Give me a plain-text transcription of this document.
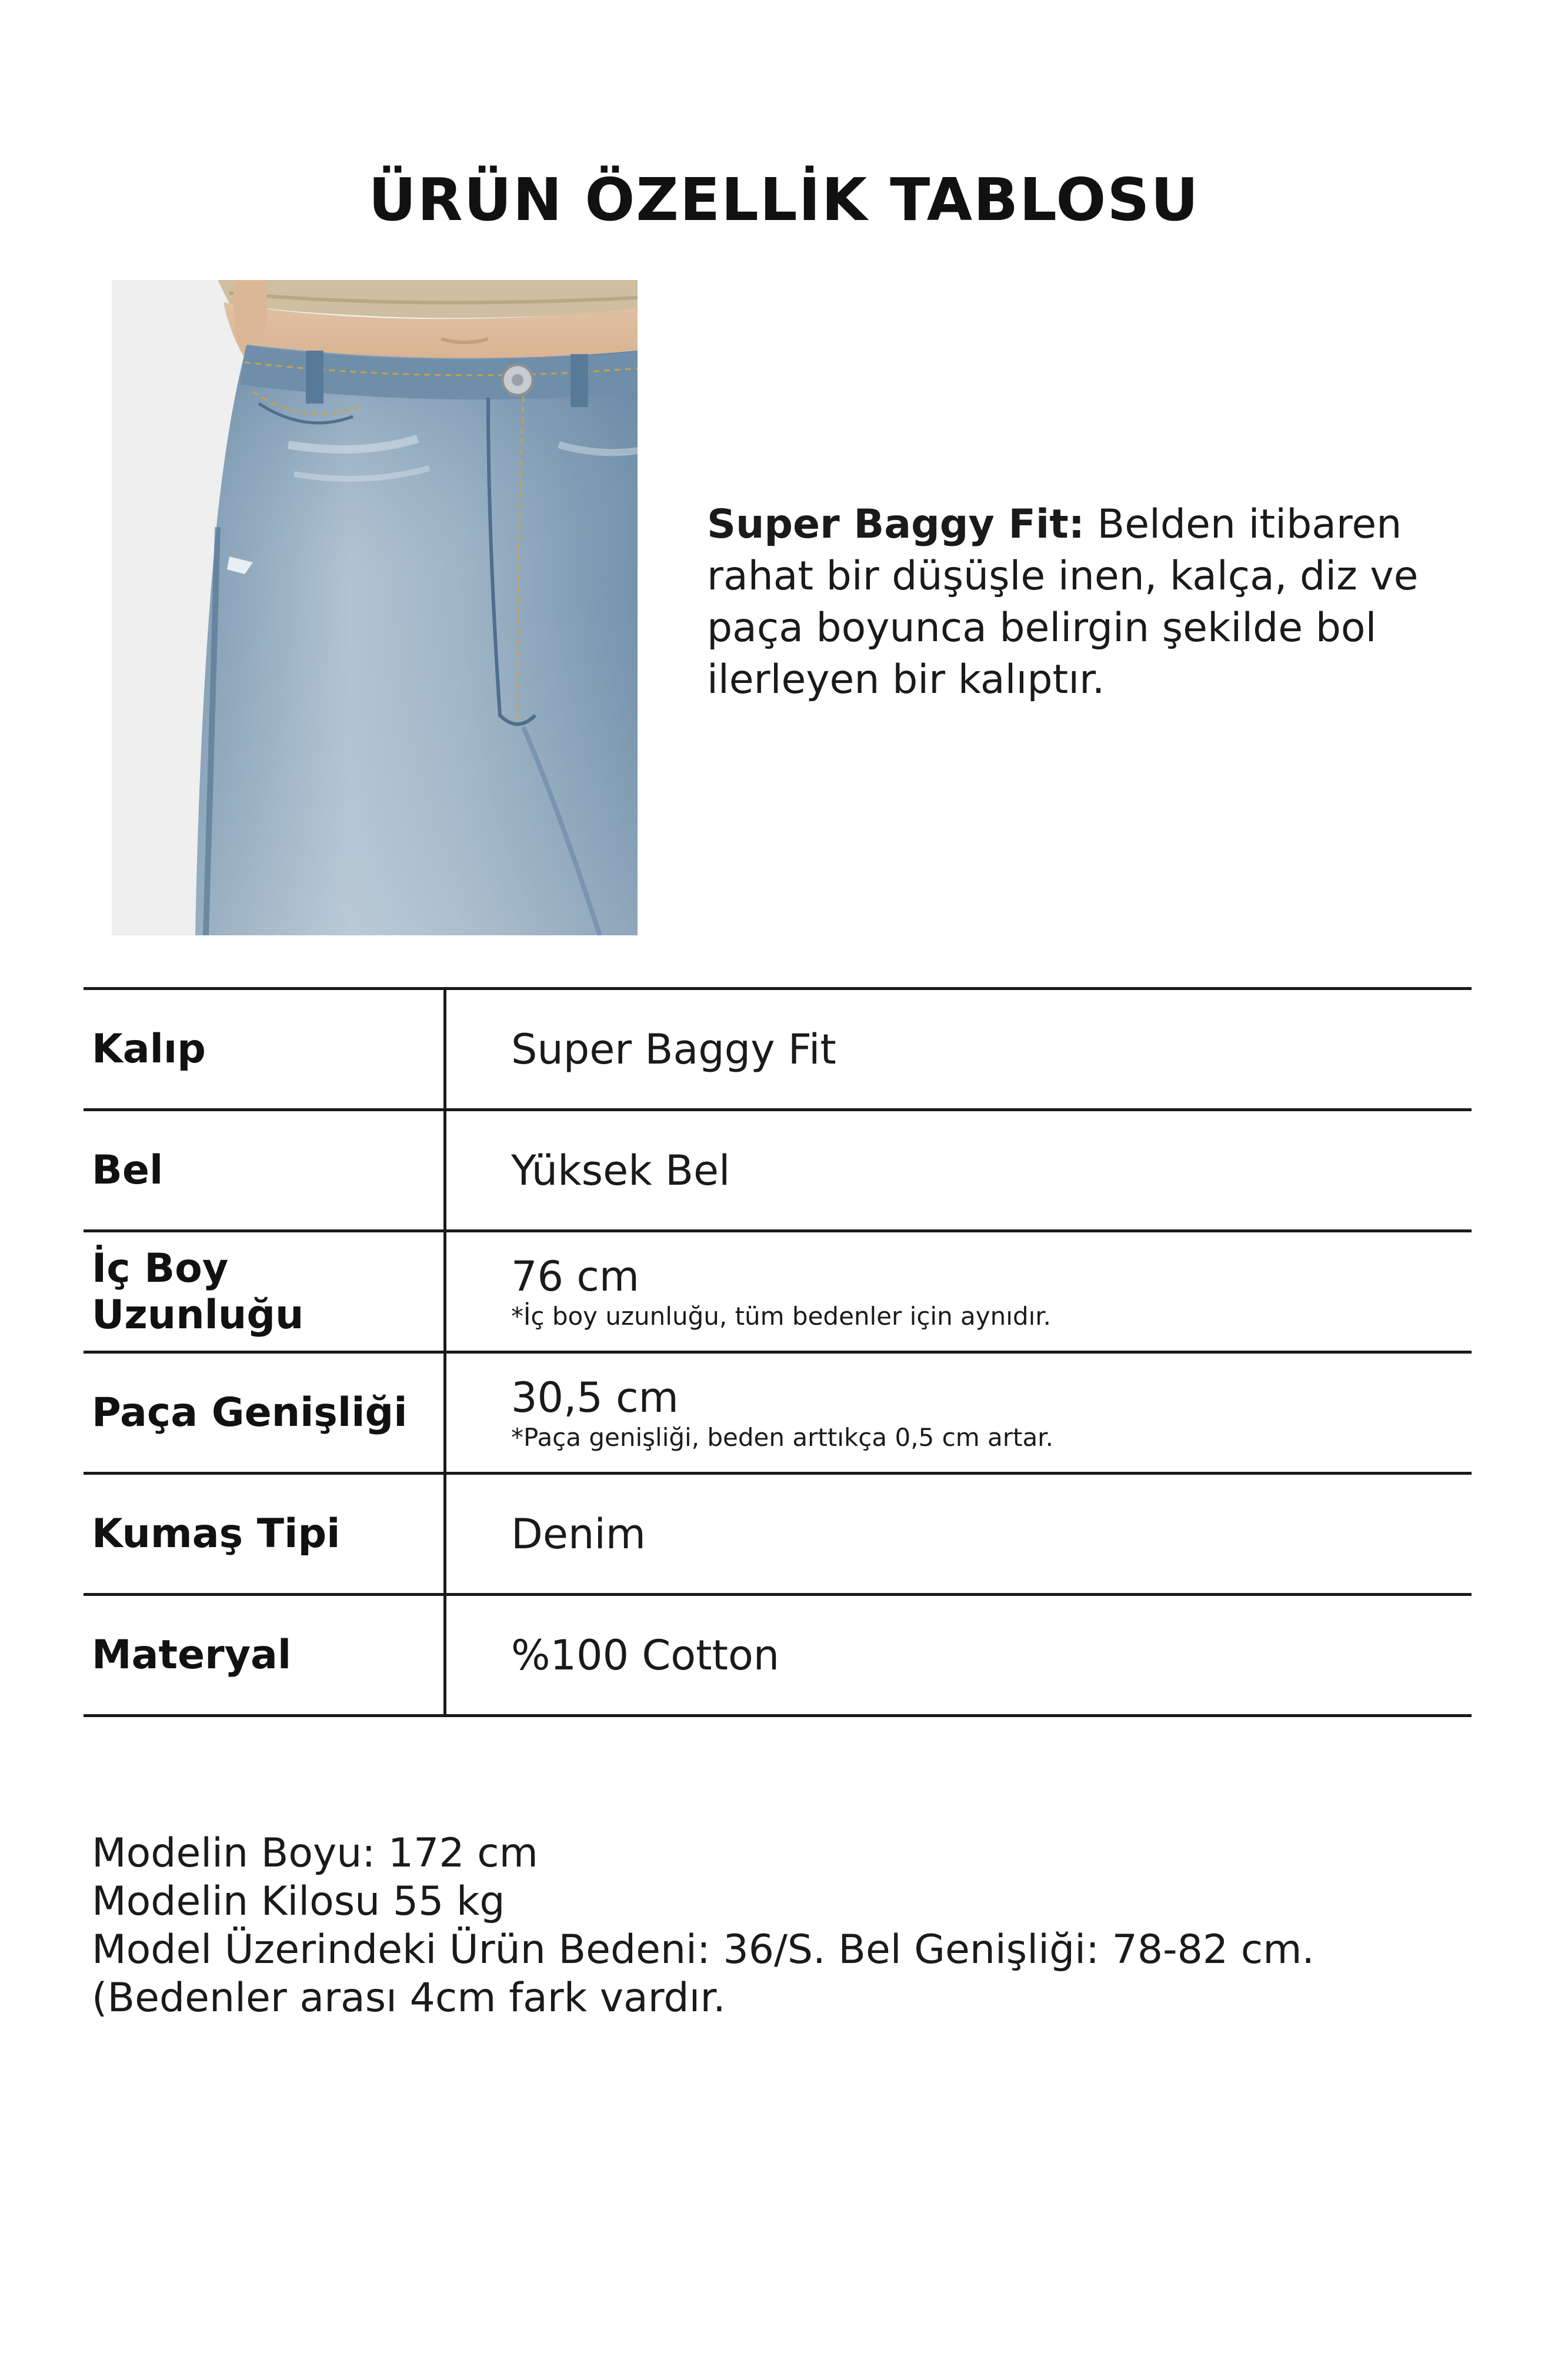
ÜRÜN ÖZELLİK TABLOSU
Super Baggy Fit: Belden itibaren rahat bir düşüşle inen, kalça, diz ve paça boyunca belirgin şekilde bol ilerleyen bir kalıptır.
Kalıp	Super Baggy Fit

Bel	Yüksek Bel

İç Boy Uzunluğu	76 cm
*İç boy uzunluğu, tüm bedenler için aynıdır.

Paça Genişliği	30,5 cm
*Paça genişliği, beden arttıkça 0,5 cm artar.

Kumaş Tipi	Denim

Materyal	%100 Cotton
Modelin Boyu: 172 cm
Modelin Kilosu 55 kg
Model Üzerindeki Ürün Bedeni: 36/S. Bel Genişliği: 78-82 cm. (Bedenler arası 4cm fark vardır.
